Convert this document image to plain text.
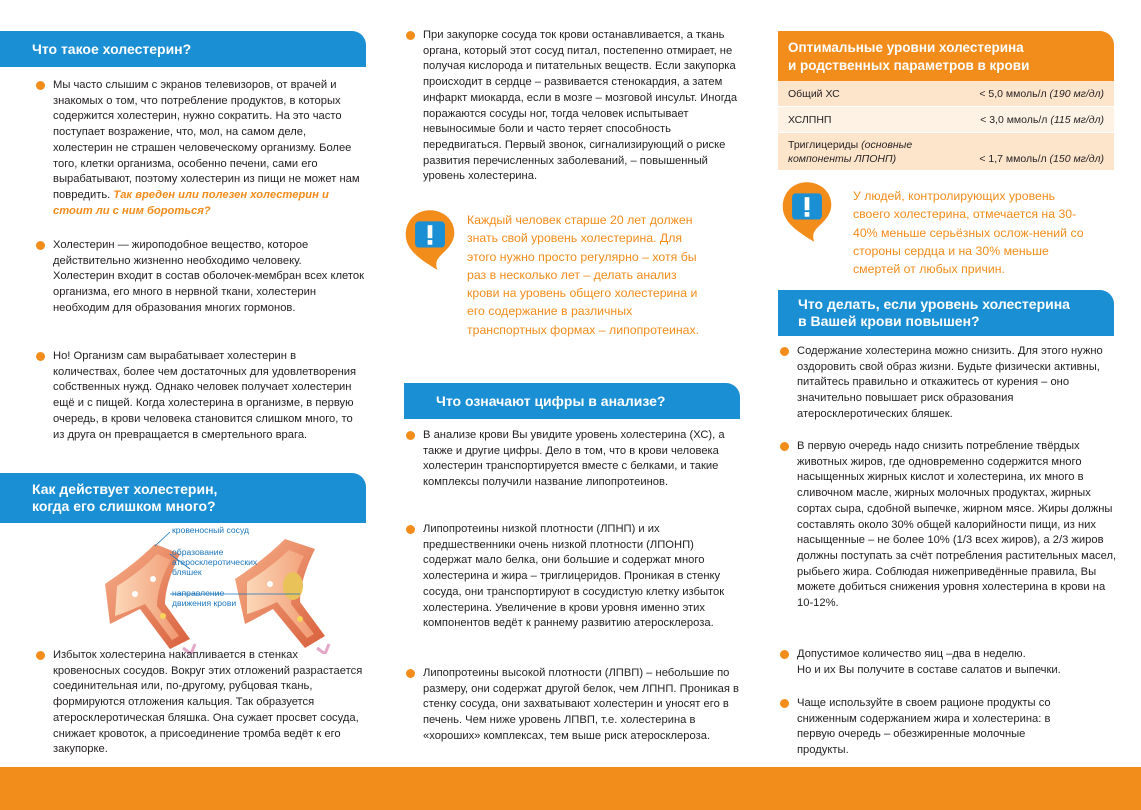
Что такое холестерин?
Мы часто слышим с экранов телевизоров, от врачей и знакомых о том, что потребление продуктов, в которых содержится холестерин, нужно сократить. На это часто поступает возражение, что, мол, на самом деле, холестерин не страшен человеческому организму. Более того, клетки организма, особенно печени, сами его вырабатывают, поэтому холестерин из пищи не может нам повредить. Так вреден или полезен холестерин и стоит ли с ним бороться?
Холестерин — жироподобное вещество, которое действительно жизненно необходимо человеку. Холестерин входит в состав оболочек-мембран всех клеток организма, его много в нервной ткани, холестерин необходим для образования многих гормонов.
Но! Организм сам вырабатывает холестерин в количествах, более чем достаточных для удовлетворения собственных нужд. Однако человек получает холестерин ещё и с пищей. Когда холестерина в организме, в первую очередь, в крови человека становится слишком много, то из друга он превращается в смертельного врага.
Как действует холестерин,
когда его слишком много?
кровеносный сосуд
образование
атеросклеротических
бляшек
направление
движения крови
Избыток холестерина накапливается в стенках кровеносных сосудов. Вокруг этих отложений разрастается соединительная или, по-другому, рубцовая ткань, формируются отложения кальция. Так образуется атеросклеротическая бляшка. Она сужает просвет сосуда, снижает кровоток, а присоединение тромба ведёт к его закупорке.
При закупорке сосуда ток крови останавливается, а ткань органа, который этот сосуд питал, постепенно отмирает, не получая кислорода и питательных веществ. Если закупорка происходит в сердце – развивается стенокардия, а затем инфаркт миокарда, если в мозге – мозговой инсульт. Иногда поражаются сосуды ног, тогда человек испытывает невыносимые боли и часто теряет способность передвигаться. Первый звонок, сигнализирующий о риске развития перечисленных заболеваний, – повышенный уровень холестерина.
Каждый человек старше 20 лет должен знать свой уровень холестерина. Для этого нужно просто регулярно – хотя бы раз в несколько лет – делать анализ крови на уровень общего холестерина и его содержание в различных транспортных формах – липопротеинах.
Что означают цифры в анализе?
В анализе крови Вы увидите уровень холестерина (ХС), а также и другие цифры. Дело в том, что в крови человека холестерин транспортируется вместе с белками, и такие комплексы получили название липопротеинов.
Липопротеины низкой плотности (ЛПНП) и их предшественники очень низкой плотности (ЛПОНП) содержат мало белка, они большие и содержат много холестерина и жира – триглицеридов. Проникая в стенку сосуда, они транспортируют в сосудистую клетку избыток холестерина. Увеличение в крови уровня именно этих компонентов ведёт к раннему развитию атеросклероза.
Липопротеины высокой плотности (ЛПВП) – небольшие по размеру, они содержат другой белок, чем ЛПНП. Проникая в стенку сосуда, они захватывают холестерин и уносят его в печень. Чем ниже уровень ЛПВП, т.е. холестерина в «хороших» комплексах, тем выше риск атеросклероза.
Оптимальные уровни холестерина
и родственных параметров в крови
Общий ХС	< 5,0 ммоль/л (190 мг/дл)
ХСЛПНП	< 3,0 ммоль/л (115 мг/дл)
Триглицериды (основные компоненты ЛПОНП)	< 1,7 ммоль/л (150 мг/дл)
У людей, контролирующих уровень своего холестерина, отмечается на 30-40% меньше серьёзных ослож-нений со стороны сердца и на 30% меньше смертей от любых причин.
Что делать, если уровень холестерина
в Вашей крови повышен?
Содержание холестерина можно снизить. Для этого нужно оздоровить свой образ жизни. Будьте физически активны, питайтесь правильно и откажитесь от курения – оно значительно повышает риск образования атеросклеротических бляшек.
В первую очередь надо снизить потребление твёрдых животных жиров, где одновременно содержится много насыщенных жирных кислот и холестерина, их много в сливочном масле, жирных молочных продуктах, жирных сортах сыра, сдобной выпечке, жирном мясе. Жиры должны составлять около 30% общей калорийности пищи, из них насыщенные – не более 10% (1/3 всех жиров), а 2/3 жиров должны поступать за счёт потребления растительных масел, рыбьего жира. Соблюдая нижеприведённые правила, Вы можете добиться снижения уровня холестерина в крови на 10-12%.
Допустимое количество яиц –два в неделю.
Но и их Вы получите в составе салатов и выпечки.
Чаще используйте в своем рационе продукты со сниженным содержанием жира и холестерина: в первую очередь – обезжиренные молочные продукты.
